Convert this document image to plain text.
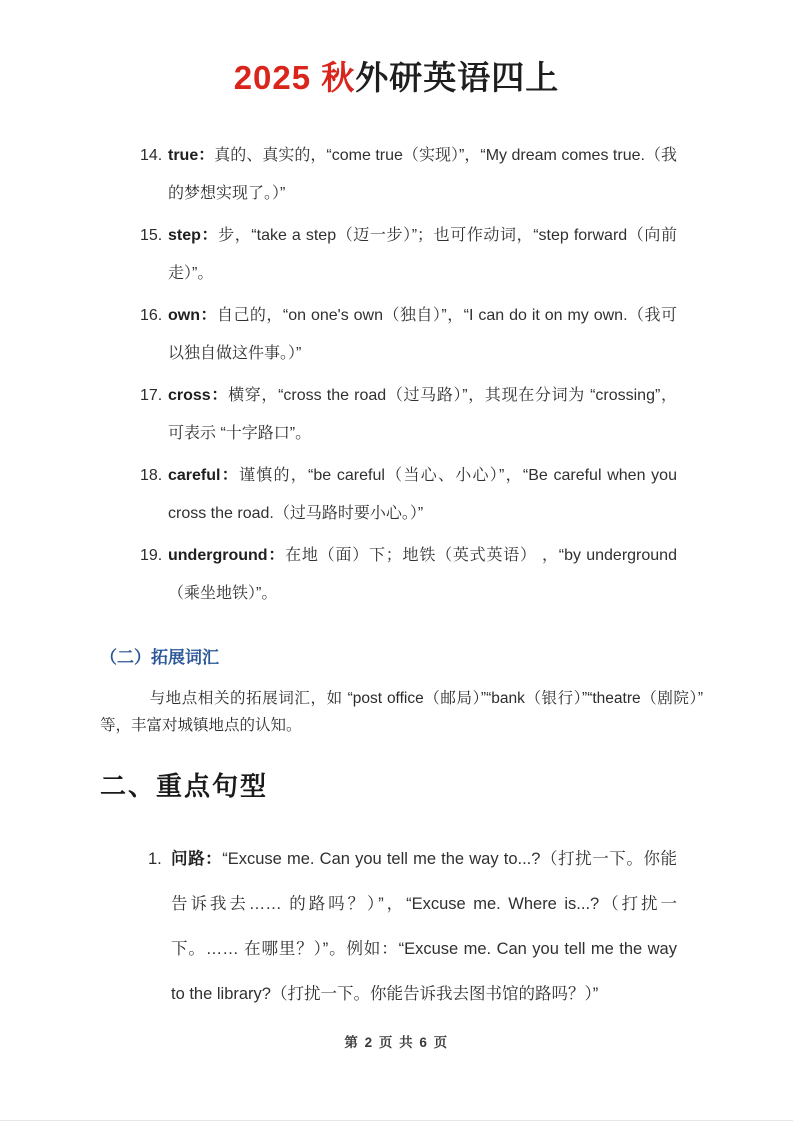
2025 秋外研英语四上
14. true：真的、真实的，“come true（实现）”，“My dream comes true.（我的梦想实现了。）”
15. step：步，“take a step（迈一步）”；也可作动词，“step forward（向前走）”。
16. own：自己的，“on one's own（独自）”，“I can do it on my own.（我可以独自做这件事。）”
17. cross：横穿，“cross the road（过马路）”，其现在分词为 “crossing”，可表示 “十字路口”。
18. careful：谨慎的，“be careful（当心、小心）”，“Be careful when you cross the road.（过马路时要小心。）”
19. underground：在地（面）下；地铁（英式英语） ，“by underground（乘坐地铁）”。
（二）拓展词汇
与地点相关的拓展词汇，如 “post office（邮局）”“bank（银行）”“theatre（剧院）” 等，丰富对城镇地点的认知。
二、重点句型
1. 问路：“Excuse me. Can you tell me the way to...?（打扰一下。你能告诉我去…… 的路吗？）”，“Excuse me. Where is...?（打扰一下。…… 在哪里？）”。例如：“Excuse me. Can you tell me the way to the library?（打扰一下。你能告诉我去图书馆的路吗？）”
第 2 页 共 6 页
